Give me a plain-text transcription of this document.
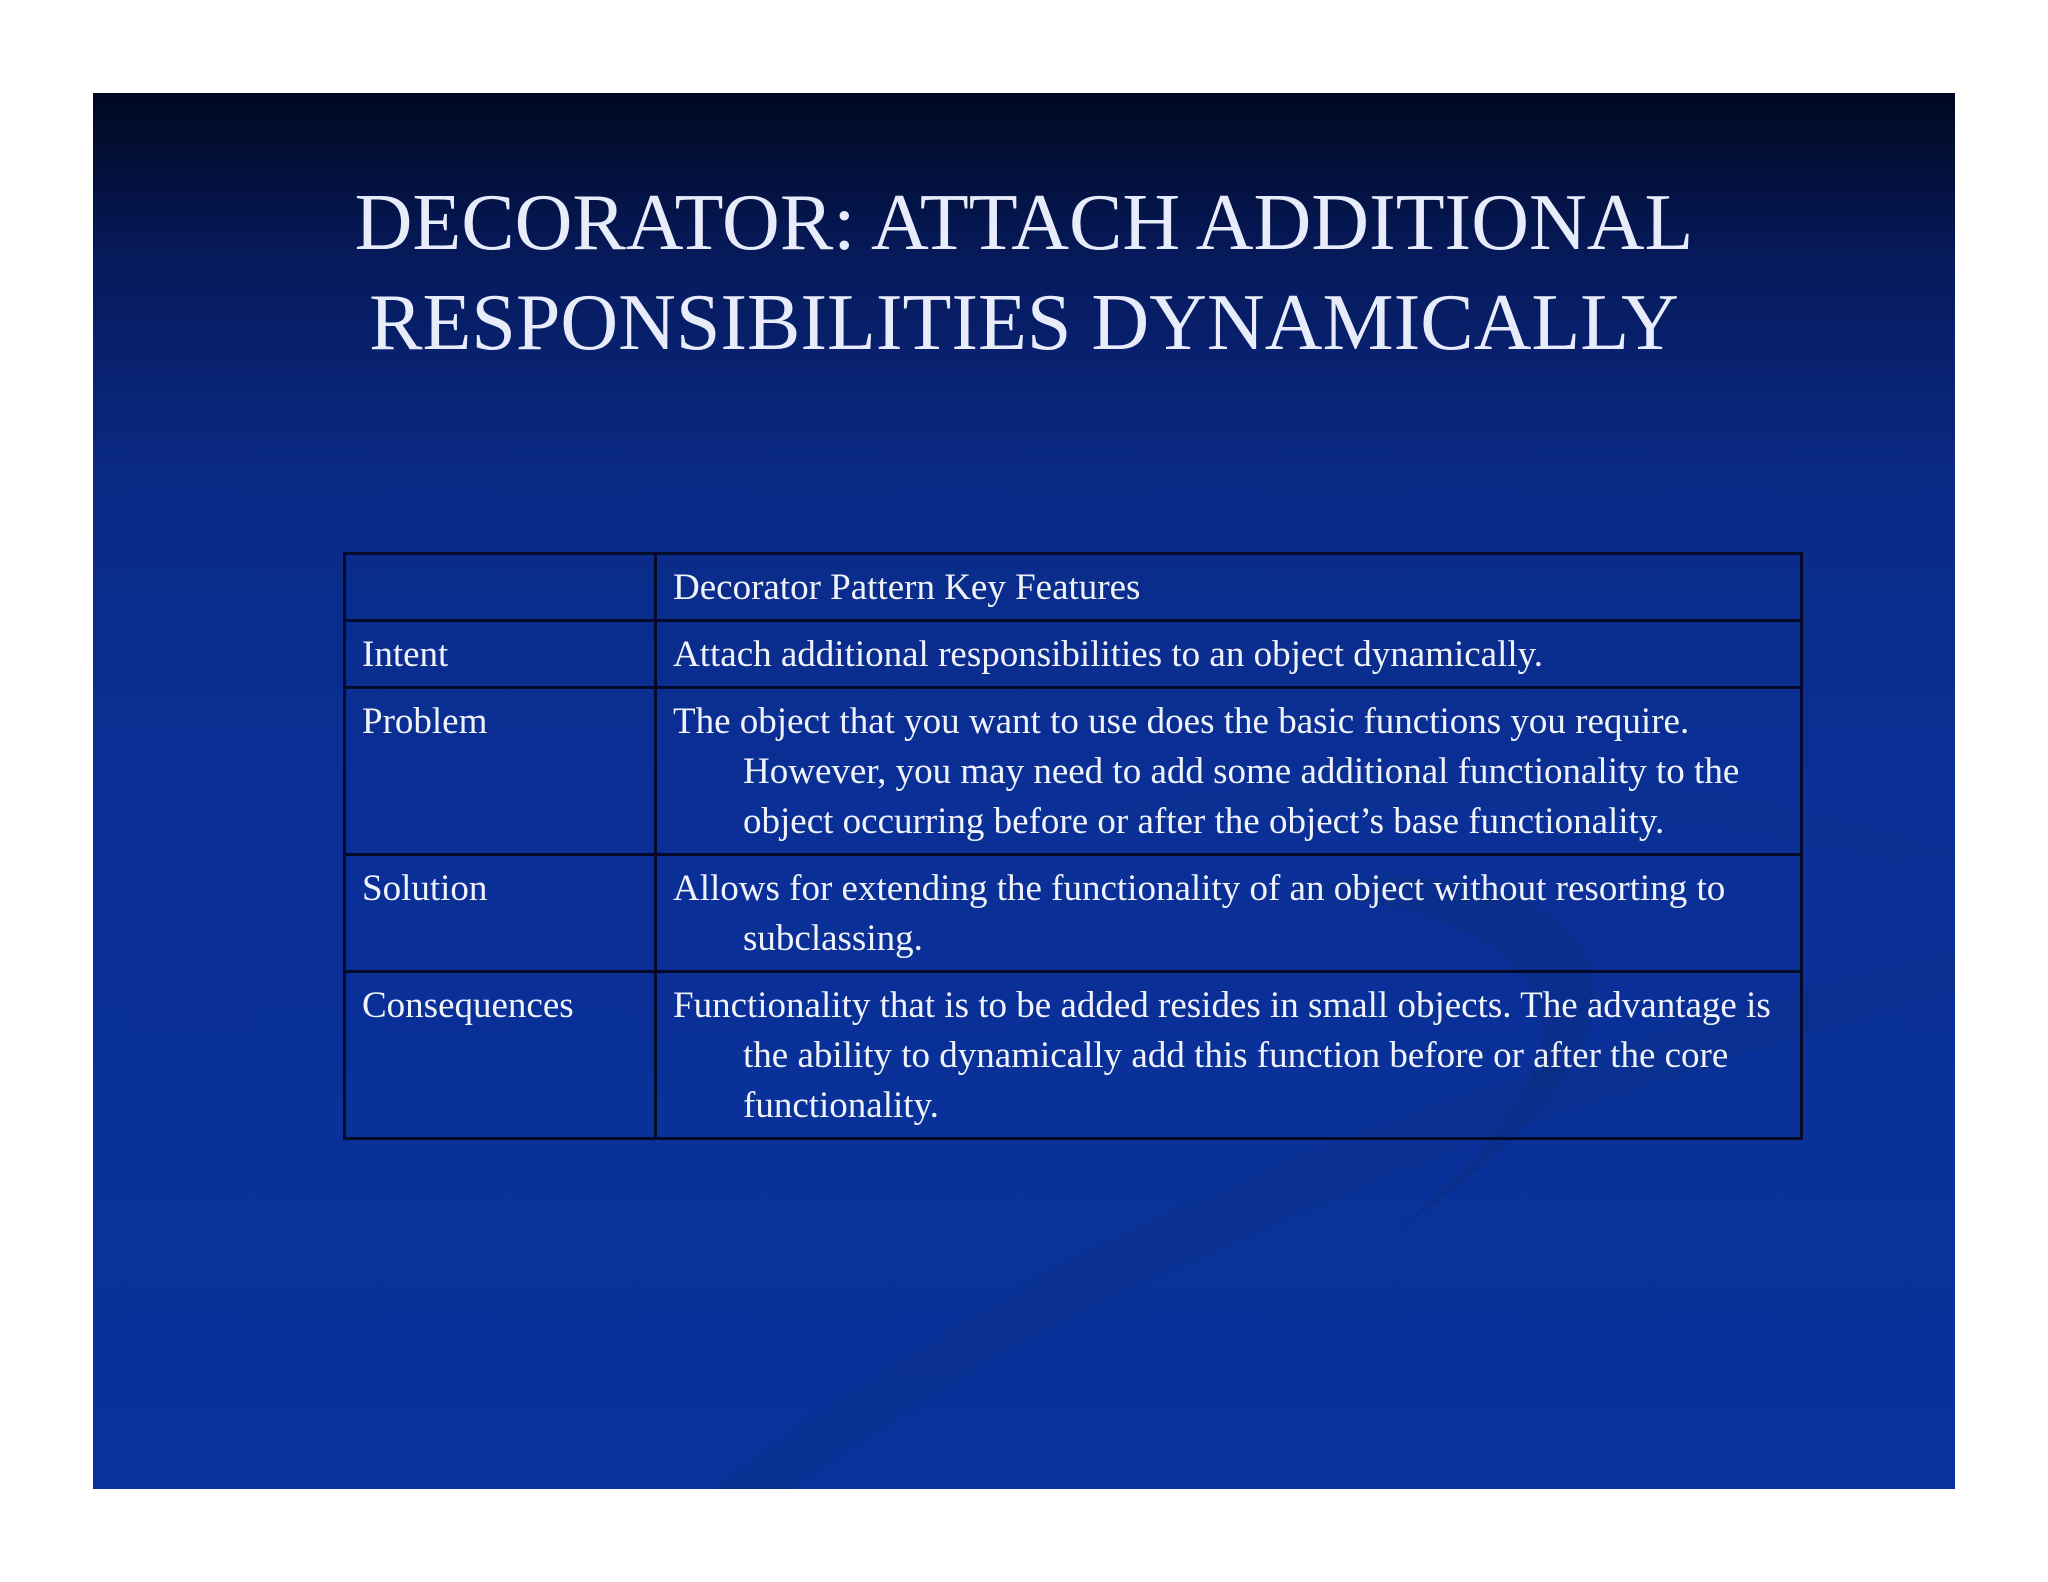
DECORATOR: ATTACH ADDITIONAL
RESPONSIBILITIES DYNAMICALLY
	Decorator Pattern Key Features
Intent	Attach additional responsibilities to an object dynamically.

Problem	The object that you want to use does the basic functions you require. However, you may need to add some additional functionality to the object occurring before or after the object’s base functionality.

Solution	Allows for extending the functionality of an object without resorting to subclassing.

Consequences	Functionality that is to be added resides in small objects. The advantage is the ability to dynamically add this function before or after the core functionality.
